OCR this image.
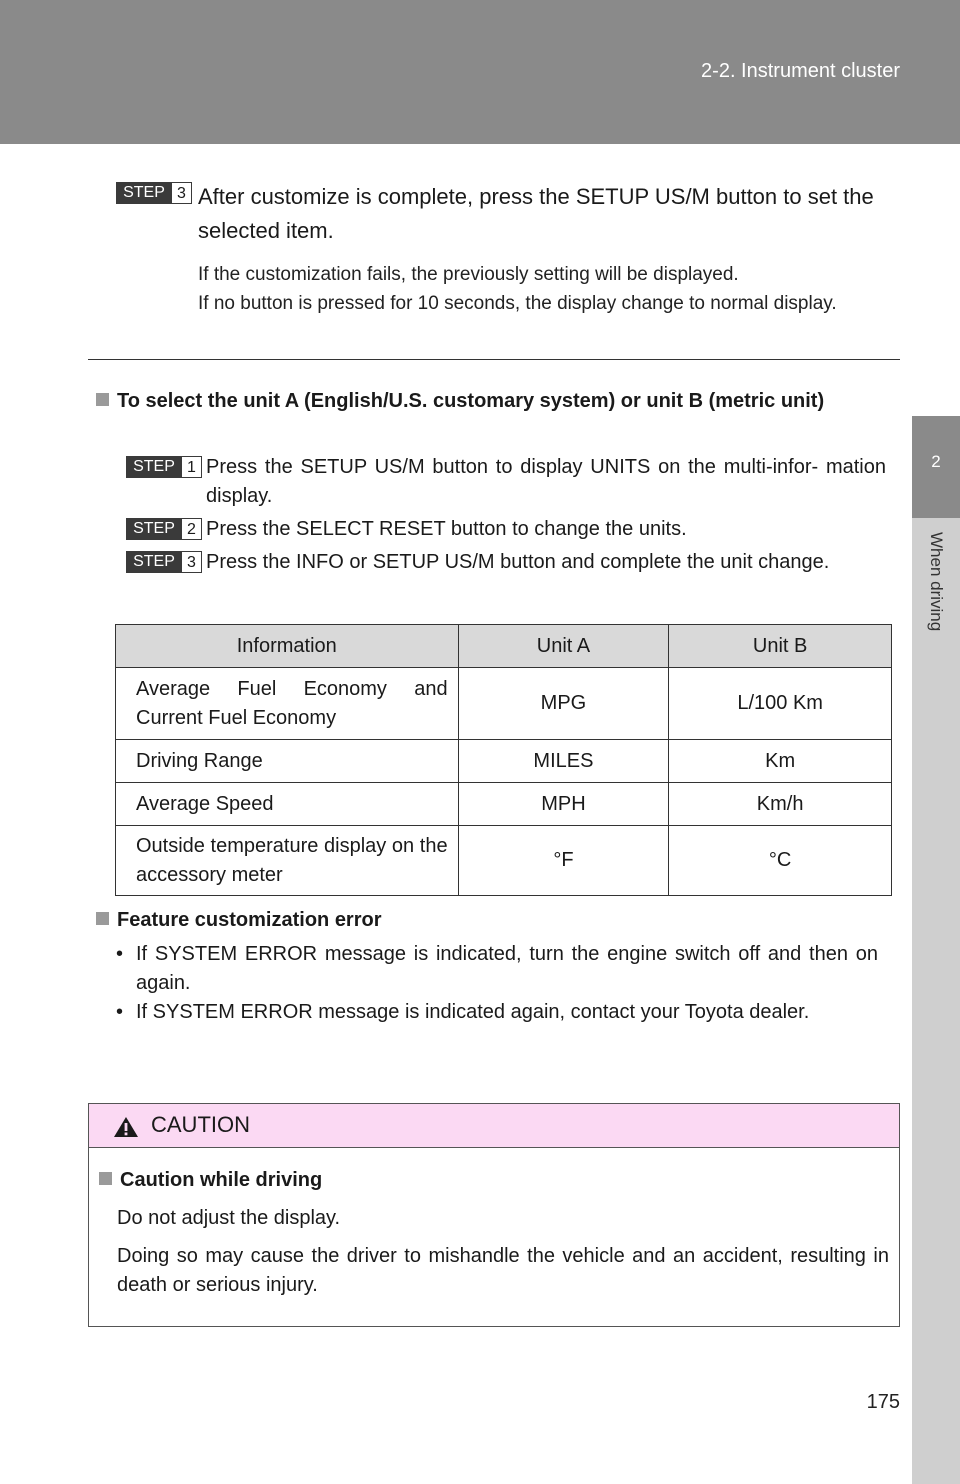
2-2. Instrument cluster
2
When driving
STEP 3 After customize is complete, press the SETUP US/M button to set the selected item.
If the customization fails, the previously setting will be displayed.
If no button is pressed for 10 seconds, the display change to normal display.
To select the unit A (English/U.S. customary system) or unit B (metric unit)
STEP 1 Press the SETUP US/M button to display UNITS on the multi-infor- mation display.
STEP 2 Press the SELECT RESET button to change the units.
STEP 3 Press the INFO or SETUP US/M button and complete the unit change.
Information	Unit A	Unit B
Average Fuel Economy and Current Fuel Economy	MPG	L/100 Km
Driving Range	MILES	Km
Average Speed	MPH	Km/h
Outside temperature display on the accessory meter	°F	°C
Feature customization error
• If SYSTEM ERROR message is indicated, turn the engine switch off and then on again.
• If SYSTEM ERROR message is indicated again, contact your Toyota dealer.
CAUTION
Caution while driving

Do not adjust the display.

Doing so may cause the driver to mishandle the vehicle and an accident, resulting in death or serious injury.

175
